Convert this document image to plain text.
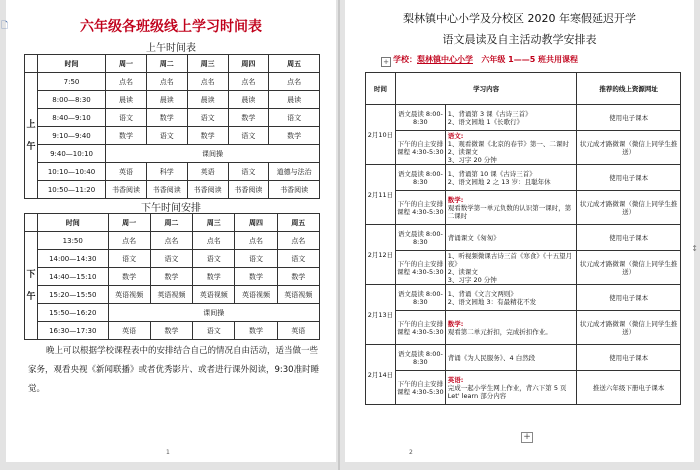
六年级各班级线上学习时间表
上午时间表
	时间	周一	周二	周三	周四	周五

上
午	7:50	点名	点名	点名	点名	点名
	8:00—8:30	晨读	晨读	晨读	晨读	晨读
	8:40—9:10	语文	数学	语文	数学	语文
	9:10—9:40	数学	语文	数学	语文	数学
	9:40—10:10	课间操				
	10:10—10:40	英语	科学	英语	语文	道德与法治
	10:50—11:20	书香阅读	书香阅读	书香阅读	书香阅读	书香阅读
下午时间安排
	时间	周一	周二	周三	周四	周五

下
午	13:50	点名	点名	点名	点名	点名
	14:00—14:30	语文	语文	语文	语文	语文
	14:40—15:10	数学	数学	数学	数学	数学
	15:20—15:50	英语视频	英语视频	英语视频	英语视频	英语视频
	15:50—16:20	课间操				
	16:30—17:30	英语	数学	语文	数学	英语
晚上可以根据学校课程表中的安排结合自己的情况自由活动，适当做一些家务，观看央视《新闻联播》或者优秀影片、或者进行课外阅读，9:30准时睡觉。
1
🗋
梨林镇中心小学及分校区 2020 年寒假延迟开学
语文晨读及自主活动教学安排表
+ 学校：梨林镇中心小学 六年级 1——5 班共用课程
时间	学习内容		推荐的线上资源网址
2月10日	语文晨读 8:00-8:30	1、背诵第 3 课《古诗三首》
2、语文园地 1《长歌行》	使用电子课本
	下午的自主安排课程 4:30-5:30	语文:
1、观看微课《北京的春节》第一、二课时
2、读课文
3、习字 20 分钟	状元成才路微课（微信上同学生推送）
2月11日	语文晨读 8:00-8:30	1、背诵第 10 课《古诗三首》
2、语文园地 2 之 13 岁：且聪年休	使用电子课本
	下午的自主安排课程 4:30-5:30	数学:
观看数学第一单元负数的认识第一课时，第二课时	状元成才路微课（微信上同学生推送）
2月12日	语文晨读 8:00-8:30	背诵课文《匆匆》	使用电子课本
	下午的自主安排课程 4:30-5:30	1、听视频微课古诗三首《寒食》《十五望月夜》
2、读课文
3、习字 20 分钟	状元成才路微课（微信上同学生推送）
2月13日	语文晨读 8:00-8:30	1、背诵《文言文两则》
2、语文园地 3：有最精花不发	使用电子课本
	下午的自主安排课程 4:30-5:30	数学:
观看第二单元折扣，完成折扣作业。	状元成才路微课（微信上同学生推送）
2月14日	语文晨读 8:00-8:30	背诵《为人民服务》、4 白然段	使用电子课本
	下午的自主安排课程 4:30-5:30	英语:
完成一起小学生网上作业，背六下第 5 页 Let' learn 部分内容	推送六年级下册电子课本
+
2
↕
